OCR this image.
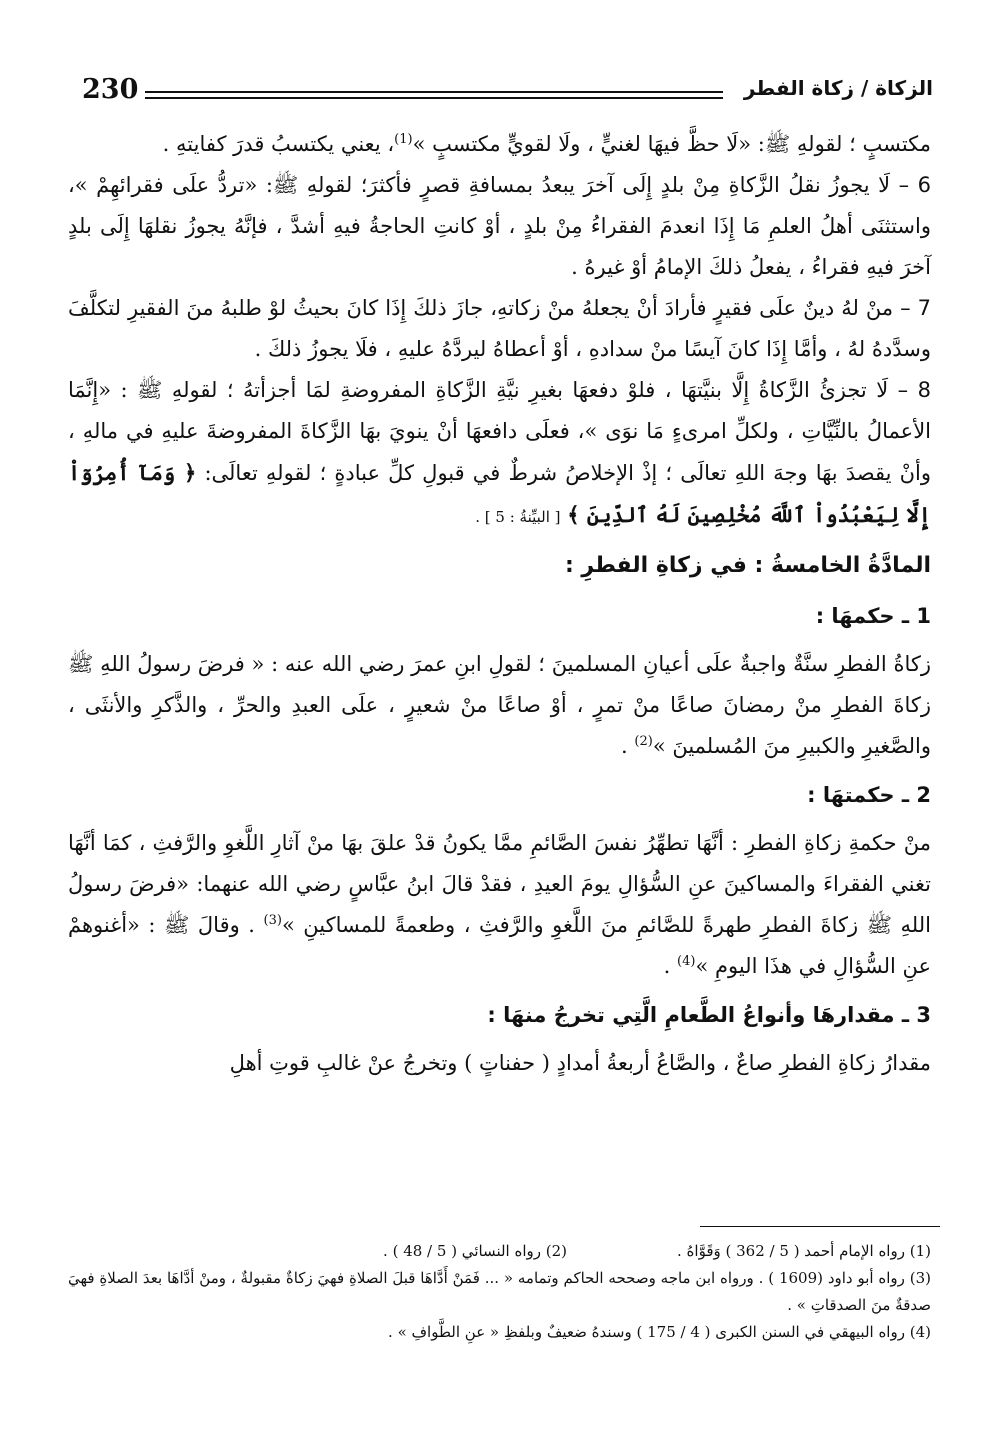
230	الزكاة / زكاة الفطر

مكتسبٍ ؛ لقولهِ ﷺ: «لَا حظَّ فيهَا لغنيٍّ ، ولَا لقويٍّ مكتسبٍ »$^{(1)}$، يعني يكتسبُ قدرَ كفايتهِ .

6 – لَا يجوزُ نقلُ الزَّكاةِ مِنْ بلدٍ إِلَى آخرَ يبعدُ بمسافةِ قصرٍ فأكثرَ؛ لقولهِ ﷺ: «تردُّ علَى فقرائهِمْ »، واستثنَى أهلُ العلمِ مَا إِذَا انعدمَ الفقراءُ مِنْ بلدٍ ، أوْ كانتِ الحاجةُ فيهِ أشدَّ ، فإنَّهُ يجوزُ نقلهَا إِلَى بلدٍ آخرَ فيهِ فقراءُ ، يفعلُ ذلكَ الإمامُ أوْ غيرهُ .

7 – منْ لهُ دينٌ علَى فقيرٍ فأرادَ أنْ يجعلهُ منْ زكاتهِ، جازَ ذلكَ إِذَا كانَ بحيثُ لوْ طلبهُ منَ الفقيرِ لتكلَّفَ وسدَّدهُ لهُ ، وأمَّا إِذَا كانَ آيسًا منْ سدادهِ ، أوْ أعطاهُ ليردَّهُ عليهِ ، فلَا يجوزُ ذلكَ .

8 – لَا تجزئُ الزَّكاةُ إِلَّا بنيَّتهَا ، فلوْ دفعهَا بغيرِ نيَّةِ الزَّكاةِ المفروضةِ لمَا أجزأتهُ ؛ لقولهِ ﷺ : «إِنَّمَا الأعمالُ بالنِّيَّاتِ ، ولكلِّ امرىءٍ مَا نوَى »، فعلَى دافعهَا أنْ ينويَ بهَا الزَّكاةَ المفروضةَ عليهِ في مالهِ ، وأنْ يقصدَ بهَا وجهَ اللهِ تعالَى ؛ إذْ الإخلاصُ شرطٌ في قبولِ كلِّ عبادةٍ ؛ لقولهِ تعالَى: ﴿ وَمَآ أُمِرُوٓاْ إِلَّا لِيَعْبُدُواْ ٱللَّهَ مُخْلِصِينَ لَهُ ٱلدِّينَ ﴾ [ البيِّنةُ : 5 ] .

المادَّةُ الخامسةُ : في زكاةِ الفطرِ :
1 ـ حكمهَا :

زكاةُ الفطرِ سنَّةٌ واجبةٌ علَى أعيانِ المسلمينَ ؛ لقولِ ابنِ عمرَ رضي الله عنه : « فرضَ رسولُ اللهِ ﷺ زكاةَ الفطرِ منْ رمضانَ صاعًا منْ تمرٍ ، أوْ صاعًا منْ شعيرٍ ، علَى العبدِ والحرِّ ، والذَّكرِ والأنثَى ، والصَّغيرِ والكبيرِ منَ المُسلمينَ »$^{(2)}$ .

2 ـ حكمتهَا :

منْ حكمةِ زكاةِ الفطرِ : أنَّهَا تطهِّرُ نفسَ الصَّائمِ ممَّا يكونُ قدْ علقَ بهَا منْ آثارِ اللَّغوِ والرَّفثِ ، كمَا أنَّهَا تغني الفقراءَ والمساكينَ عنِ السُّؤالِ يومَ العيدِ ، فقدْ قالَ ابنُ عبَّاسٍ رضي الله عنهما: «فرضَ رسولُ اللهِ ﷺ زكاةَ الفطرِ طهرةً للصَّائمِ منَ اللَّغوِ والرَّفثِ ، وطعمةً للمساكينِ »$^{(3)}$ . وقالَ ﷺ : «أغنوهمْ عنِ السُّؤالِ في هذَا اليومِ »$^{(4)}$ .

3 ـ مقدارهَا وأنواعُ الطَّعامِ الَّتِي تخرجُ منهَا :

مقدارُ زكاةِ الفطرِ صاعٌ ، والصَّاعُ أربعةُ أمدادٍ ( حفناتٍ ) وتخرجُ عنْ غالبِ قوتِ أهلِ

(1) رواه الإمام أحمد ( 5 / 362 ) وَقَوَّاهُ .

(2) رواه النسائي ( 5 / 48 ) .

(3) رواه أبو داود (1609 ) . ورواه ابن ماجه وصححه الحاكم وتمامه « ... فَمَنْ أَدَّاهَا قبلَ الصلاةِ فهيَ زكاةٌ مقبولةٌ ، ومنْ أدَّاهَا بعدَ الصلاةِ فهيَ صدقةٌ منَ الصدقاتِ » .

(4) رواه البيهقي في السنن الكبرى ( 4 / 175 ) وسندهُ ضعيفٌ وبلفظِ « عنِ الطَّوافِ » .
